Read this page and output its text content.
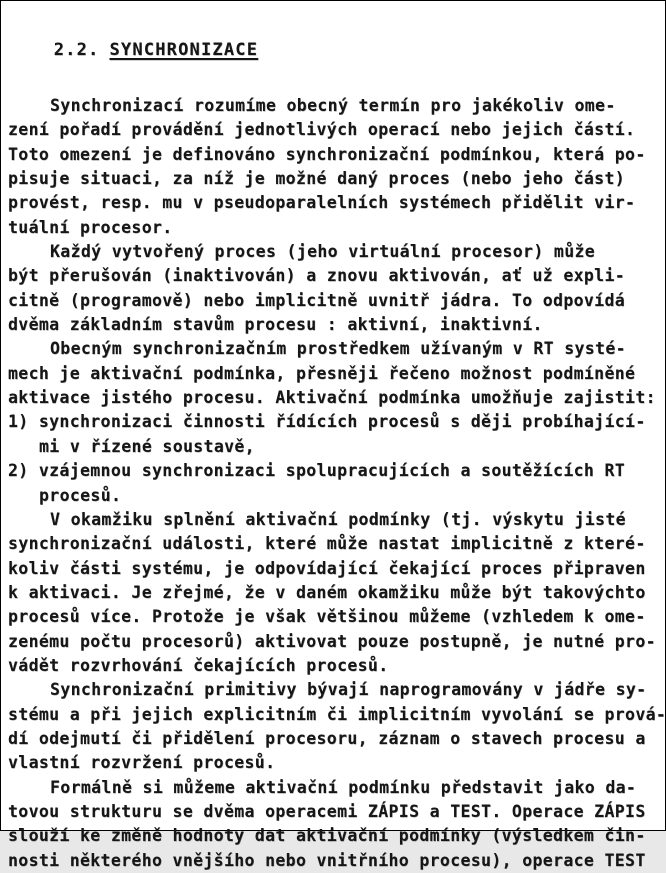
2.2. SYNCHRONIZACE

Synchronizací rozumíme obecný termín pro jakékoliv ome-
zení pořadí provádění jednotlivých operací nebo jejich částí.
Toto omezení je definováno synchronizační podmínkou, která po-
pisuje situaci, za níž je možné daný proces (nebo jeho část)
provést, resp. mu v pseudoparalelních systémech přidělit vir-
tuální procesor.
Každý vytvořený proces (jeho virtuální procesor) může
být přerušován (inaktivován) a znovu aktivován, ať už expli-
citně (programově) nebo implicitně uvnitř jádra. To odpovídá
dvěma základním stavům procesu : aktivní, inaktivní.
Obecným synchronizačním prostředkem užívaným v RT systé-
mech je aktivační podmínka, přesněji řečeno možnost podmíněné
aktivace jistého procesu. Aktivační podmínka umožňuje zajistit:
1) synchronizaci činnosti řídících procesů s ději probíhající-
mi v řízené soustavě,
2) vzájemnou synchronizaci spolupracujících a soutěžících RT
procesů.
V okamžiku splnění aktivační podmínky (tj. výskytu jisté
synchronizační události, které může nastat implicitně z které-
koliv části systému, je odpovídající čekající proces připraven
k aktivaci. Je zřejmé, že v daném okamžiku může být takovýchto
procesů více. Protože je však většinou můžeme (vzhledem k ome-
zenému počtu procesorů) aktivovat pouze postupně, je nutné pro-
vádět rozvrhování čekajících procesů.
Synchronizační primitivy bývají naprogramovány v jádře sy-
stému a při jejich explicitním či implicitním vyvolání se prová-
dí odejmutí či přidělení procesoru, záznam o stavech procesu a
vlastní rozvržení procesů.
Formálně si můžeme aktivační podmínku představit jako da-
tovou strukturu se dvěma operacemi ZÁPIS a TEST. Operace ZÁPIS
slouží ke změně hodnoty dat aktivační podmínky (výsledkem čin-
nosti některého vnějšího nebo vnitřního procesu), operace TEST
